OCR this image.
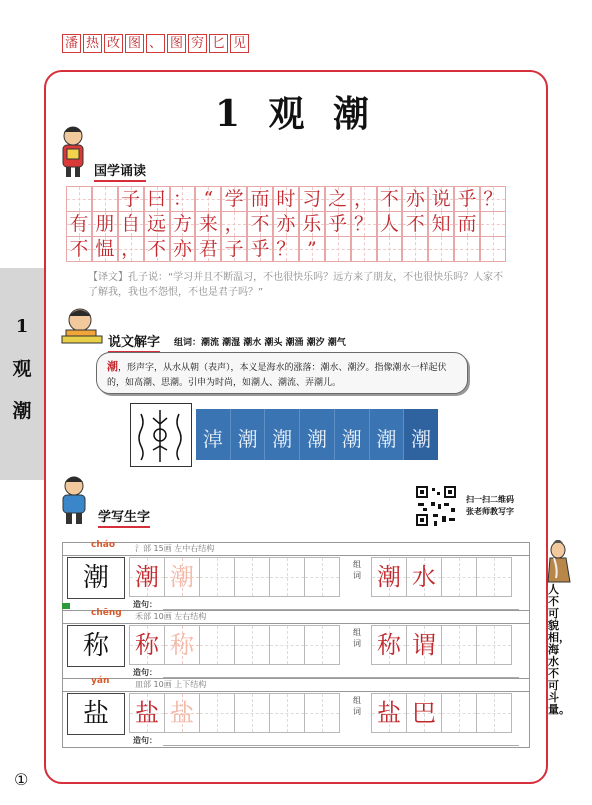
潘 热 改 图 、 图 穷 匕 见
1
观
潮
1 观 潮
国学诵读
子 曰 ： “ 学 而 时 习 之 ， 不 亦 说 乎 ？
有 朋 自 远 方 来 ， 不 亦 乐 乎 ？ 人 不 知 而
不 愠 ， 不 亦 君 子 乎 ？ ”
【译文】孔子说：“学习并且不断温习，不也很快乐吗？远方来了朋友，不也很快乐吗？人家不了解我，我也不怨恨，不也是君子吗？”
说文解字 组词：潮流 潮湿 潮水 潮头 潮涌 潮汐 潮气
潮，形声字，从水从朝（表声），本义是海水的涨落：潮水、潮汐。指像潮水一样起伏的，如高潮、思潮。引申为时尚，如潮人、潮流、弄潮儿。
淖 潮 潮 潮 潮 潮 潮
学写生字
扫一扫二维码
张老师教写字
cháo	氵部 15画 左中右结构
潮	潮 潮	组词 潮 水
造句：
chēng 禾部 10画 左右结构
称	称 称	组词 称 谓
造句：
yán	皿部 10画 上下结构
盐	盐 盐	组词 盐 巴
造句：
人不可貌相，海水不可斗量。
①
